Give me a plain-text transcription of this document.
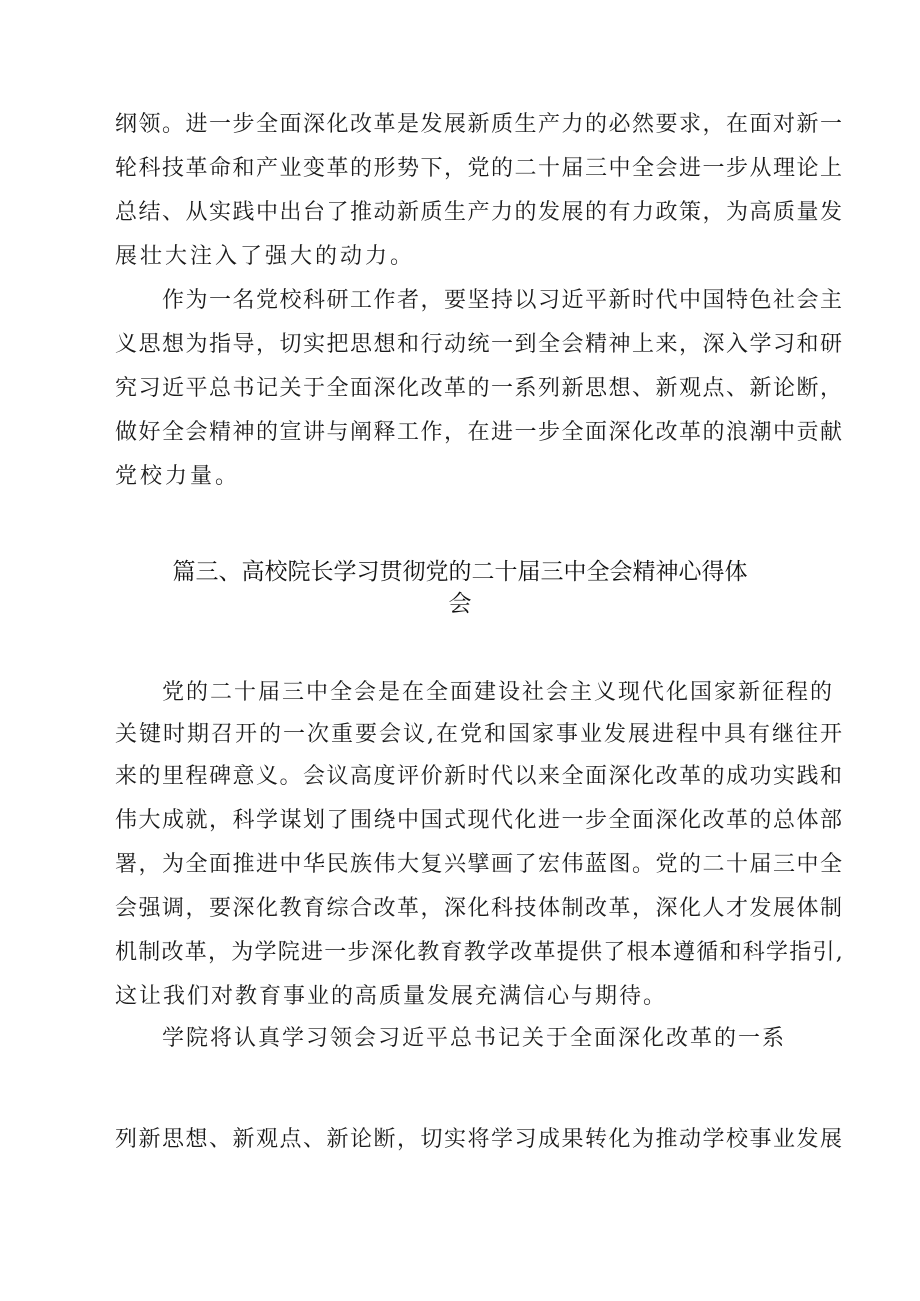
纲领。进一步全面深化改革是发展新质生产力的必然要求，在面对新一
轮科技革命和产业变革的形势下，党的二十届三中全会进一步从理论上
总结、从实践中出台了推动新质生产力的发展的有力政策，为高质量发
展壮大注入了强大的动力。
作为一名党校科研工作者，要坚持以习近平新时代中国特色社会主
义思想为指导，切实把思想和行动统一到全会精神上来，深入学习和研
究习近平总书记关于全面深化改革的一系列新思想、新观点、新论断，
做好全会精神的宣讲与阐释工作，在进一步全面深化改革的浪潮中贡献
党校力量。
篇三、高校院长学习贯彻党的二十届三中全会精神心得体
会
党的二十届三中全会是在全面建设社会主义现代化国家新征程的
关键时期召开的一次重要会议,在党和国家事业发展进程中具有继往开
来的里程碑意义。会议高度评价新时代以来全面深化改革的成功实践和
伟大成就，科学谋划了围绕中国式现代化进一步全面深化改革的总体部
署，为全面推进中华民族伟大复兴擘画了宏伟蓝图。党的二十届三中全
会强调，要深化教育综合改革，深化科技体制改革，深化人才发展体制
机制改革，为学院进一步深化教育教学改革提供了根本遵循和科学指引,
这让我们对教育事业的高质量发展充满信心与期待。
学院将认真学习领会习近平总书记关于全面深化改革的一系
列新思想、新观点、新论断，切实将学习成果转化为推动学校事业发展
